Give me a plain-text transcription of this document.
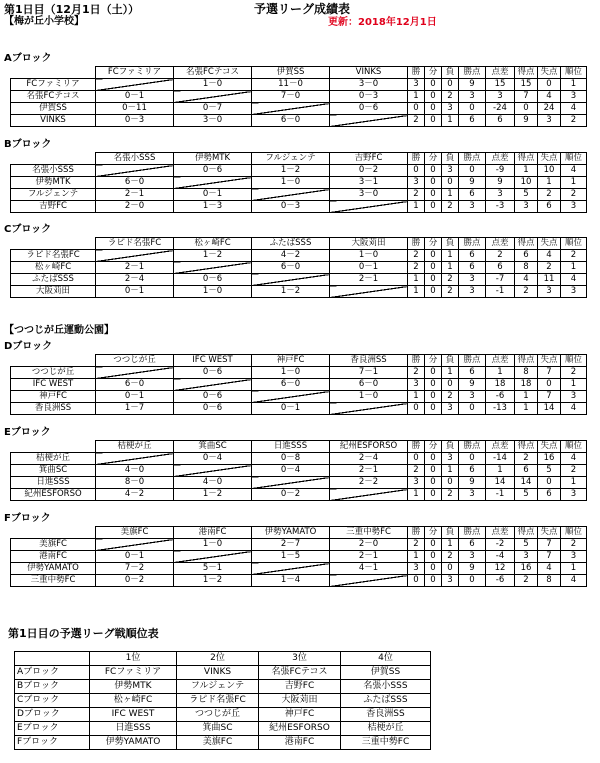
第1日目（12月1日（土））	予選リーグ成績表
更新：2018年12月1日
【梅が丘小学校】
【つつじが丘運動公園】
Aブロック
	FCファミリア	名張FCテコス	伊賀SS	VINKS	勝	分	負	勝点	点差	得点	失点	順位
FCファミリア		1－0	11－0	3－0	3	0	0	9	15	15	0	1
名張FCテコス	0－1		7－0	0－3	1	0	2	3	3	7	4	3
伊賀SS	0－11	0－7		0－6	0	0	3	0	-24	0	24	4
VINKS	0－3	3－0	6－0		2	0	1	6	6	9	3	2
Bブロック
	名張小SSS	伊勢MTK	フルジェンテ	吉野FC	勝	分	負	勝点	点差	得点	失点	順位
名張小SSS		0－6	1－2	0－2	0	0	3	0	-9	1	10	4
伊勢MTK	6－0		1－0	3－1	3	0	0	9	9	10	1	1
フルジェンテ	2－1	0－1		3－0	2	0	1	6	3	5	2	2
吉野FC	2－0	1－3	0－3		1	0	2	3	-3	3	6	3
Cブロック
	ラピド名張FC	松ヶ崎FC	ふたばSSS	大阪苅田	勝	分	負	勝点	点差	得点	失点	順位
ラピド名張FC		1－2	4－2	1－0	2	0	1	6	2	6	4	2
松ヶ崎FC	2－1		6－0	0－1	2	0	1	6	6	8	2	1
ふたばSSS	2－4	0－6		2－1	1	0	2	3	-7	4	11	4
大阪苅田	0－1	1－0	1－2		1	0	2	3	-1	2	3	3
Dブロック
	つつじが丘	IFC WEST	神戸FC	香良洲SS	勝	分	負	勝点	点差	得点	失点	順位
つつじが丘		0－6	1－0	7－1	2	0	1	6	1	8	7	2
IFC WEST	6－0		6－0	6－0	3	0	0	9	18	18	0	1
神戸FC	0－1	0－6		1－0	1	0	2	3	-6	1	7	3
香良洲SS	1－7	0－6	0－1		0	0	3	0	-13	1	14	4
Eブロック
	桔梗が丘	箕曲SC	日進SSS	紀州ESFORSO	勝	分	負	勝点	点差	得点	失点	順位
桔梗が丘		0－4	0－8	2－4	0	0	3	0	-14	2	16	4
箕曲SC	4－0		0－4	2－1	2	0	1	6	1	6	5	2
日進SSS	8－0	4－0		2－2	3	0	0	9	14	14	0	1
紀州ESFORSO	4－2	1－2	0－2		1	0	2	3	-1	5	6	3
Fブロック
	美旗FC	港南FC	伊勢YAMATO	三重中勢FC	勝	分	負	勝点	点差	得点	失点	順位
美旗FC		1－0	2－7	2－0	2	0	1	6	-2	5	7	2
港南FC	0－1		1－5	2－1	1	0	2	3	-4	3	7	3
伊勢YAMATO	7－2	5－1		4－1	3	0	0	9	12	16	4	1
三重中勢FC	0－2	1－2	1－4		0	0	3	0	-6	2	8	4
第1日目の予選リーグ戦順位表
	1位	2位	3位	4位
Aブロック	FCファミリア	VINKS	名張FCテコス	伊賀SS
Bブロック	伊勢MTK	フルジェンテ	吉野FC	名張小SSS
Cブロック	松ヶ崎FC	ラピド名張FC	大阪苅田	ふたばSSS
Dブロック	IFC WEST	つつじが丘	神戸FC	香良洲SS
Eブロック	日進SSS	箕曲SC	紀州ESFORSO	桔梗が丘
Fブロック	伊勢YAMATO	美旗FC	港南FC	三重中勢FC
